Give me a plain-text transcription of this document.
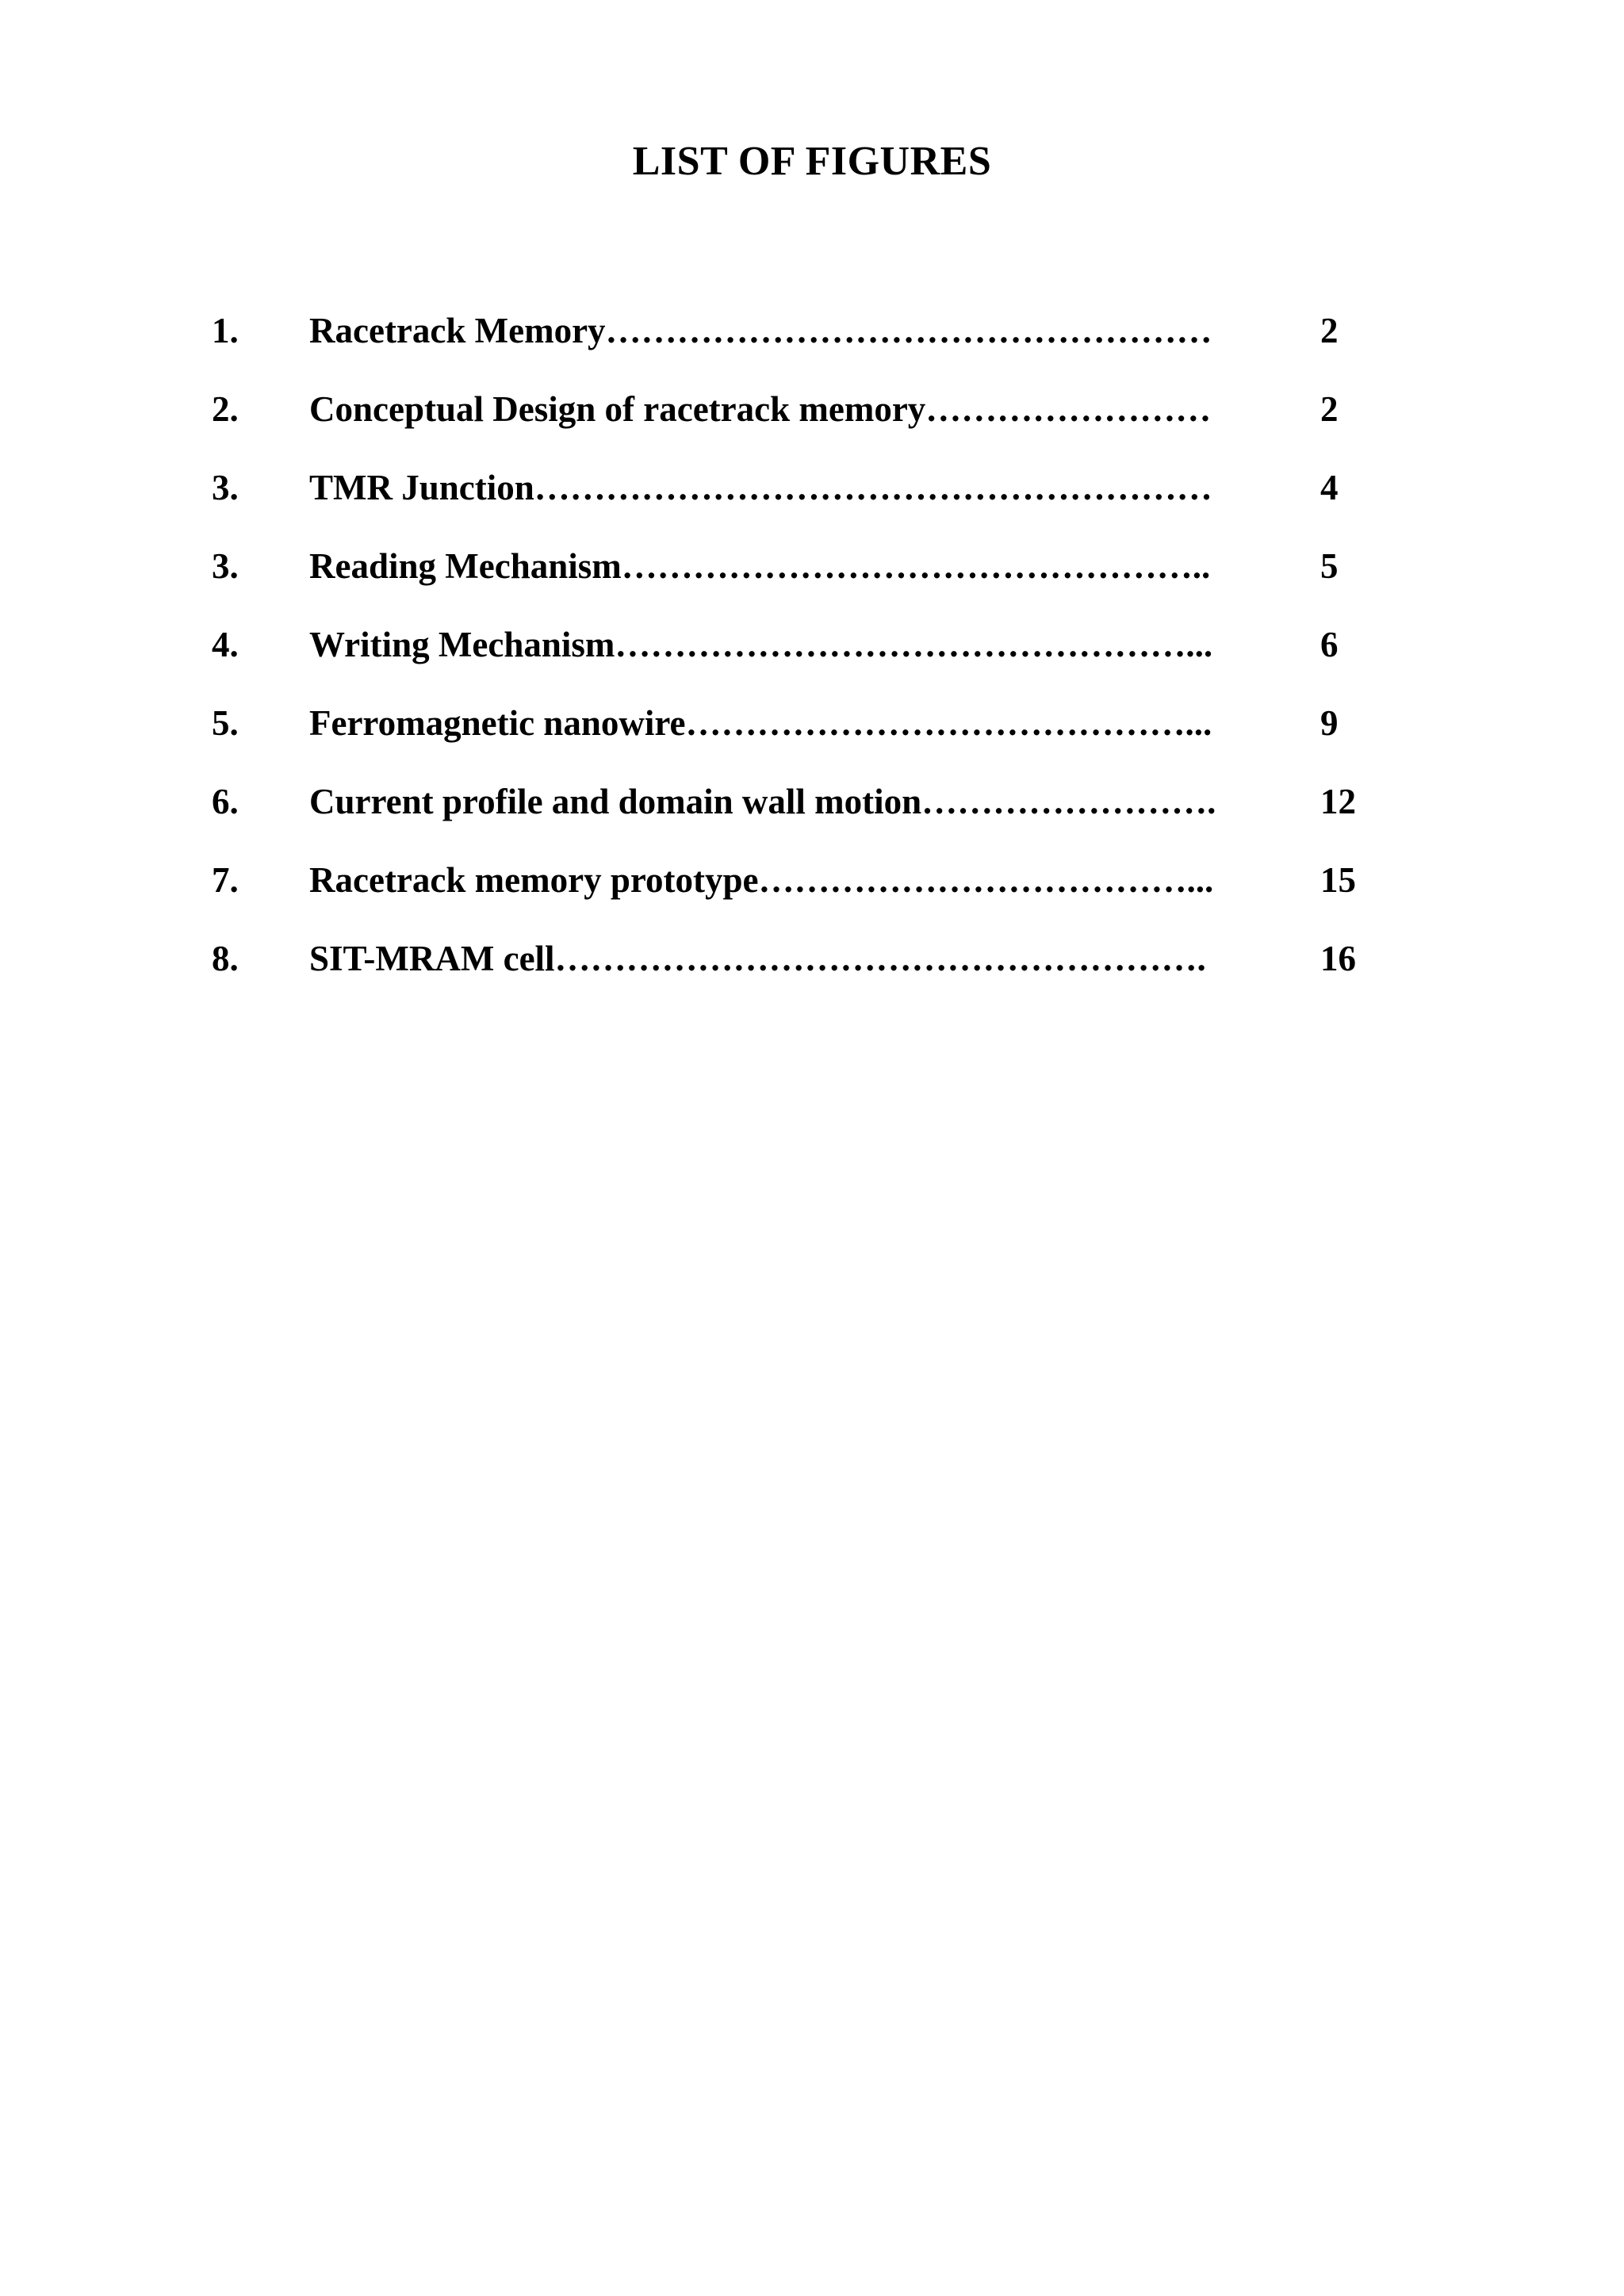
LIST OF FIGURES
1. Racetrack Memory……………………………………………	2
2. Conceptual Design of racetrack memory……………………	2
3. TMR Junction…………………………………………………	4
3. Reading Mechanism…………………………………………..	5
4. Writing Mechanism…………………………………………...	6
5. Ferromagnetic nanowire……………………………………...	9
6. Current profile and domain wall motion…………………….	12
7. Racetrack memory prototype………………………………...	15
8. SIT-MRAM cell……………………………………………….	16
